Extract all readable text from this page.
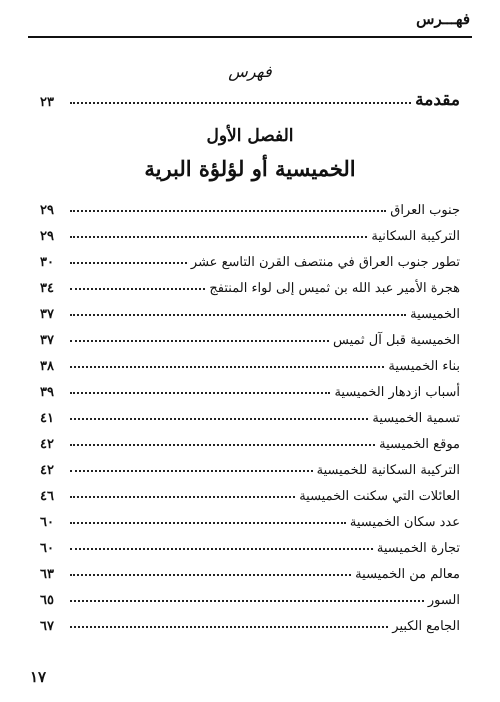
فهـــرس
فهرس
مقدمة
٢٣
الفصل الأول
الخميسية أو لؤلؤة البرية
جنوب العراق
٢٩
التركيبة السكانية
٢٩
تطور جنوب العراق في منتصف القرن التاسع عشر
٣٠
هجرة الأمير عبد الله بن ثميس إلى لواء المنتفج
٣٤
الخميسية
٣٧
الخميسية قبل آل ثميس
٣٧
بناء الخميسية
٣٨
أسباب ازدهار الخميسية
٣٩
تسمية الخميسية
٤١
موقع الخميسية
٤٢
التركيبة السكانية للخميسية
٤٢
العائلات التي سكنت الخميسية
٤٦
عدد سكان الخميسية
٦٠
تجارة الخميسية
٦٠
معالم من الخميسية
٦٣
السور
٦٥
الجامع الكبير
٦٧
١٧
